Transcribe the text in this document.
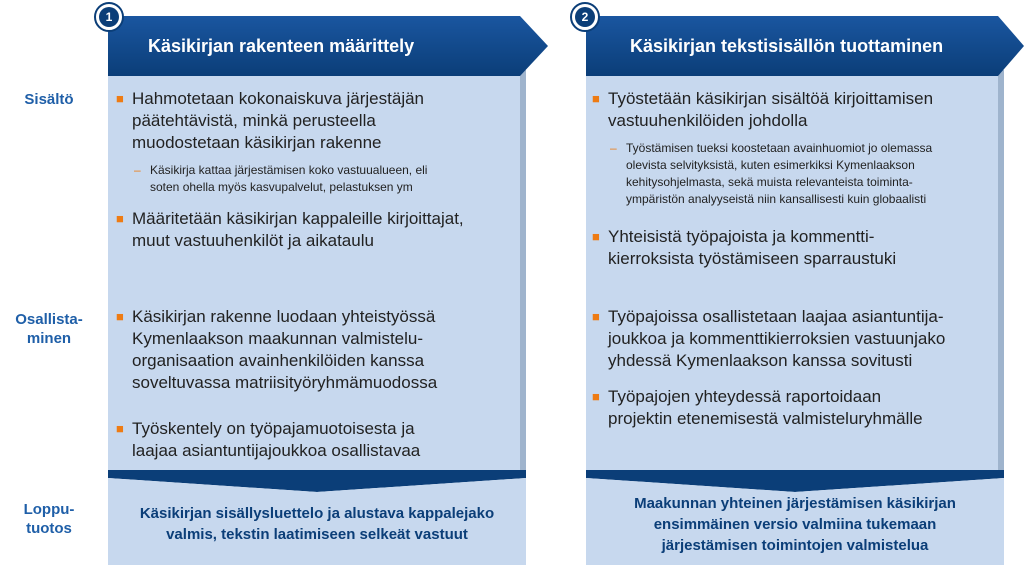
Sisältö
Osallista-
minen
Loppu-
tuotos
Käsikirjan rakenteen määrittely
1
■ Hahmotetaan kokonaiskuva järjestäjän
päätehtävistä, minkä perusteella
muodostetaan käsikirjan rakenne
– Käsikirja kattaa järjestämisen koko vastuualueen, eli
soten ohella myös kasvupalvelut, pelastuksen ym
■ Määritetään käsikirjan kappaleille kirjoittajat,
muut vastuuhenkilöt ja aikataulu
■ Käsikirjan rakenne luodaan yhteistyössä
Kymenlaakson maakunnan valmistelu-
organisaation avainhenkilöiden kanssa
soveltuvassa matriisityöryhmämuodossa
■ Työskentely on työpajamuotoisesta ja
laajaa asiantuntijajoukkoa osallistavaa
Käsikirjan sisällysluettelo ja alustava kappalejako
valmis, tekstin laatimiseen selkeät vastuut
Käsikirjan tekstisisällön tuottaminen
2
■ Työstetään käsikirjan sisältöä kirjoittamisen
vastuuhenkilöiden johdolla
– Työstämisen tueksi koostetaan avainhuomiot jo olemassa
olevista selvityksistä, kuten esimerkiksi Kymenlaakson
kehitysohjelmasta, sekä muista relevanteista toiminta-
ympäristön analyyseistä niin kansallisesti kuin globaalisti
■ Yhteisistä työpajoista ja kommentti-
kierroksista työstämiseen sparraustuki
■ Työpajoissa osallistetaan laajaa asiantuntija-
joukkoa ja kommenttikierroksien vastuunjako
yhdessä Kymenlaakson kanssa sovitusti
■ Työpajojen yhteydessä raportoidaan
projektin etenemisestä valmisteluryhmälle
Maakunnan yhteinen järjestämisen käsikirjan
ensimmäinen versio valmiina tukemaan
järjestämisen toimintojen valmistelua
